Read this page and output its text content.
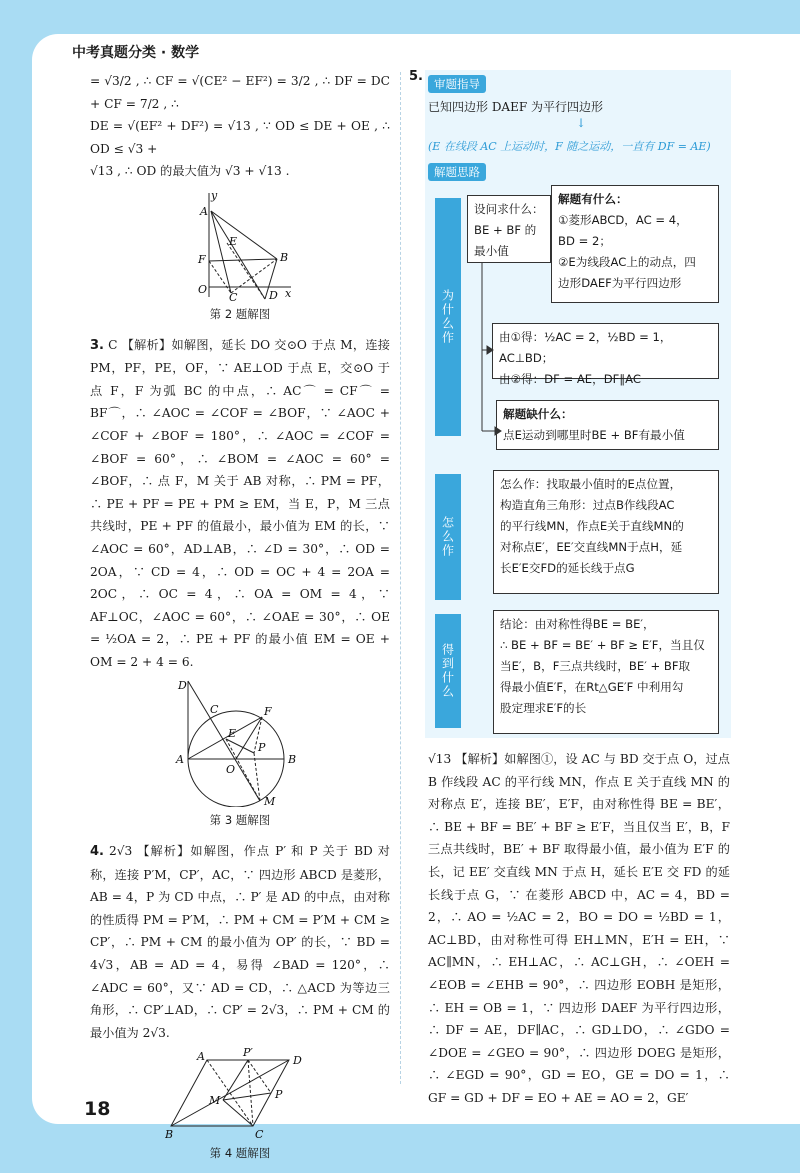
中考真题分类 · 数学
18

= √3/2 , ∴ CF = √(CE² − EF²) = 3/2 , ∴ DF = DC + CF = 7/2 , ∴

DE = √(EF² + DF²) = √13 , ∵ OD ≤ DE + OE , ∴ OD ≤ √3 +

√13 , ∴ OD 的最大值为 √3 + √13 .

y
A
E
F	B
O
C	D x
第 2 题解图

3. C 【解析】如解图，延长 DO 交⊙O 于点 M，连接 PM，PF，PE，OF，∵ AE⊥OD 于点 E，交⊙O 于点 F，F 为弧 BC 的中点，∴ AC⌒ = CF⌒ = BF⌒，∴ ∠AOC = ∠COF = ∠BOF，∵ ∠AOC + ∠COF + ∠BOF = 180°，∴ ∠AOC = ∠COF = ∠BOF = 60°，∴ ∠BOM = ∠AOC = 60° = ∠BOF，∴ 点 F，M 关于 AB 对称，∴ PM = PF，∴ PE + PF = PE + PM ≥ EM，当 E，P，M 三点共线时，PE + PF 的值最小，最小值为 EM 的长，∵ ∠AOC = 60°，AD⊥AB，∴ ∠D = 30°，∴ OD = 2OA，∵ CD = 4，∴ OD = OC + 4 = 2OA = 2OC，∴ OC = 4，∴ OA = OM = 4，∵ AF⊥OC，∠AOC = 60°，∴ ∠OAE = 30°，∴ OE = ½OA = 2，∴ PE + PF 的最小值 EM = OE + OM = 2 + 4 = 6.

D
C	F
E
P
A
O
B
M
第 3 题解图

4. 2√3 【解析】如解图，作点 P′ 和 P 关于 BD 对称，连接 P′M，CP′，AC，∵ 四边形 ABCD 是菱形，AB = 4，P 为 CD 中点，∴ P′ 是 AD 的中点，由对称的性质得 PM = P′M，∴ PM + CM = P′M + CM ≥ CP′，∴ PM + CM 的最小值为 OP′ 的长，∵ BD = 4√3，AB = AD = 4，易得 ∠BAD = 120°，∴ ∠ADC = 60°，又∵ AD = CD，∴ △ACD 为等边三角形，∴ CP′⊥AD，∴ CP′ = 2√3，∴ PM + CM 的最小值为 2√3.

A	P′
D
M	P
B	C
第 4 题解图
5. 审题指导
已知四边形 DAEF 为平行四边形
↓
(E 在线段 AC 上运动时，F 随之运动，一直有 DF = AE)
解题思路
为什么作
怎么作
得到什么
设问求什么：BE + BF 的最小值
解题有什么：
①菱形ABCD，AC = 4，
BD = 2；
②E为线段AC上的动点，四
边形DAEF为平行四边形
由①得：½AC = 2，½BD = 1，AC⊥BD；
由②得：DF = AE，DF∥AC
解题缺什么：
点E运动到哪里时BE + BF有最小值
怎么作：找取最小值时的E点位置，
构造直角三角形：过点B作线段AC
的平行线MN，作点E关于直线MN的
对称点E′，EE′交直线MN于点H，延
长E′E交FD的延长线于点G
结论：由对称性得BE = BE′，
∴ BE + BF = BE′ + BF ≥ E′F，当且仅
当E′，B，F三点共线时，BE′ + BF取
得最小值E′F，在Rt△GE′F 中利用勾
股定理求E′F的长

√13 【解析】如解图①，设 AC 与 BD 交于点 O，过点 B 作线段 AC 的平行线 MN，作点 E 关于直线 MN 的对称点 E′，连接 BE′，E′F，由对称性得 BE = BE′，∴ BE + BF = BE′ + BF ≥ E′F，当且仅当 E′，B，F 三点共线时，BE′ + BF 取得最小值，最小值为 E′F 的长，记 EE′ 交直线 MN 于点 H，延长 E′E 交 FD 的延长线于点 G，∵ 在菱形 ABCD 中，AC = 4，BD = 2，∴ AO = ½AC = 2，BO = DO = ½BD = 1，AC⊥BD，由对称性可得 EH⊥MN，E′H = EH，∵ AC∥MN，∴ EH⊥AC，∴ AC⊥GH，∴ ∠OEH = ∠EOB = ∠EHB = 90°，∴ 四边形 EOBH 是矩形，∴ EH = OB = 1，∵ 四边形 DAEF 为平行四边形，∴ DF = AE，DF∥AC，∴ GD⊥DO，∴ ∠GDO = ∠DOE = ∠GEO = 90°，∴ 四边形 DOEG 是矩形，∴ ∠EGD = 90°，GD = EO，GE = DO = 1，∴ GF = GD + DF = EO + AE = AO = 2，GE′
